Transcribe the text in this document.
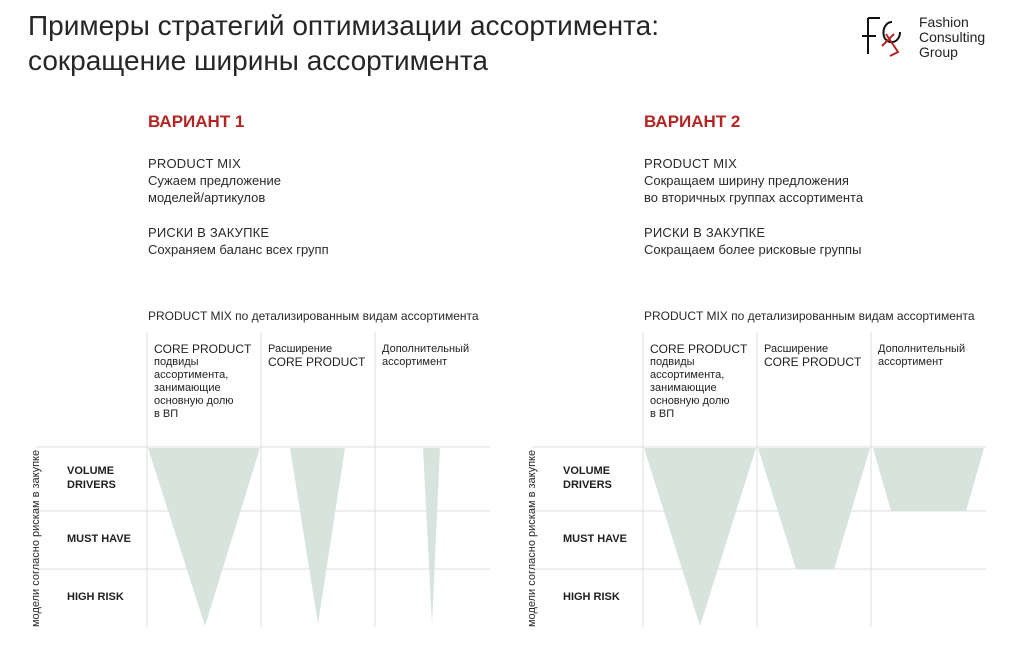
Примеры стратегий оптимизации ассортимента:
сокращение ширины ассортимента
Fashion
Consulting
Group
ВАРИАНТ 1
PRODUCT MIX
Сужаем предложение
моделей/артикулов
РИСКИ В ЗАКУПКЕ
Сохраняем баланс всех групп
PRODUCT MIX по детализированным видам ассортимента
CORE PRODUCT
подвиды
ассортимента,
занимающие
основную долю
в ВП
Расширение
CORE PRODUCT
Дополнительный
ассортимент
VOLUME
DRIVERS
MUST HAVE
HIGH RISK
модели согласно рискам в закупке
ВАРИАНТ 2
PRODUCT MIX
Сокращаем ширину предложения
во вторичных группах ассортимента
РИСКИ В ЗАКУПКЕ
Сокращаем более рисковые группы
PRODUCT MIX по детализированным видам ассортимента
CORE PRODUCT
подвиды
ассортимента,
занимающие
основную долю
в ВП
Расширение
CORE PRODUCT
Дополнительный
ассортимент
VOLUME
DRIVERS
MUST HAVE
HIGH RISK
модели согласно рискам в закупке
